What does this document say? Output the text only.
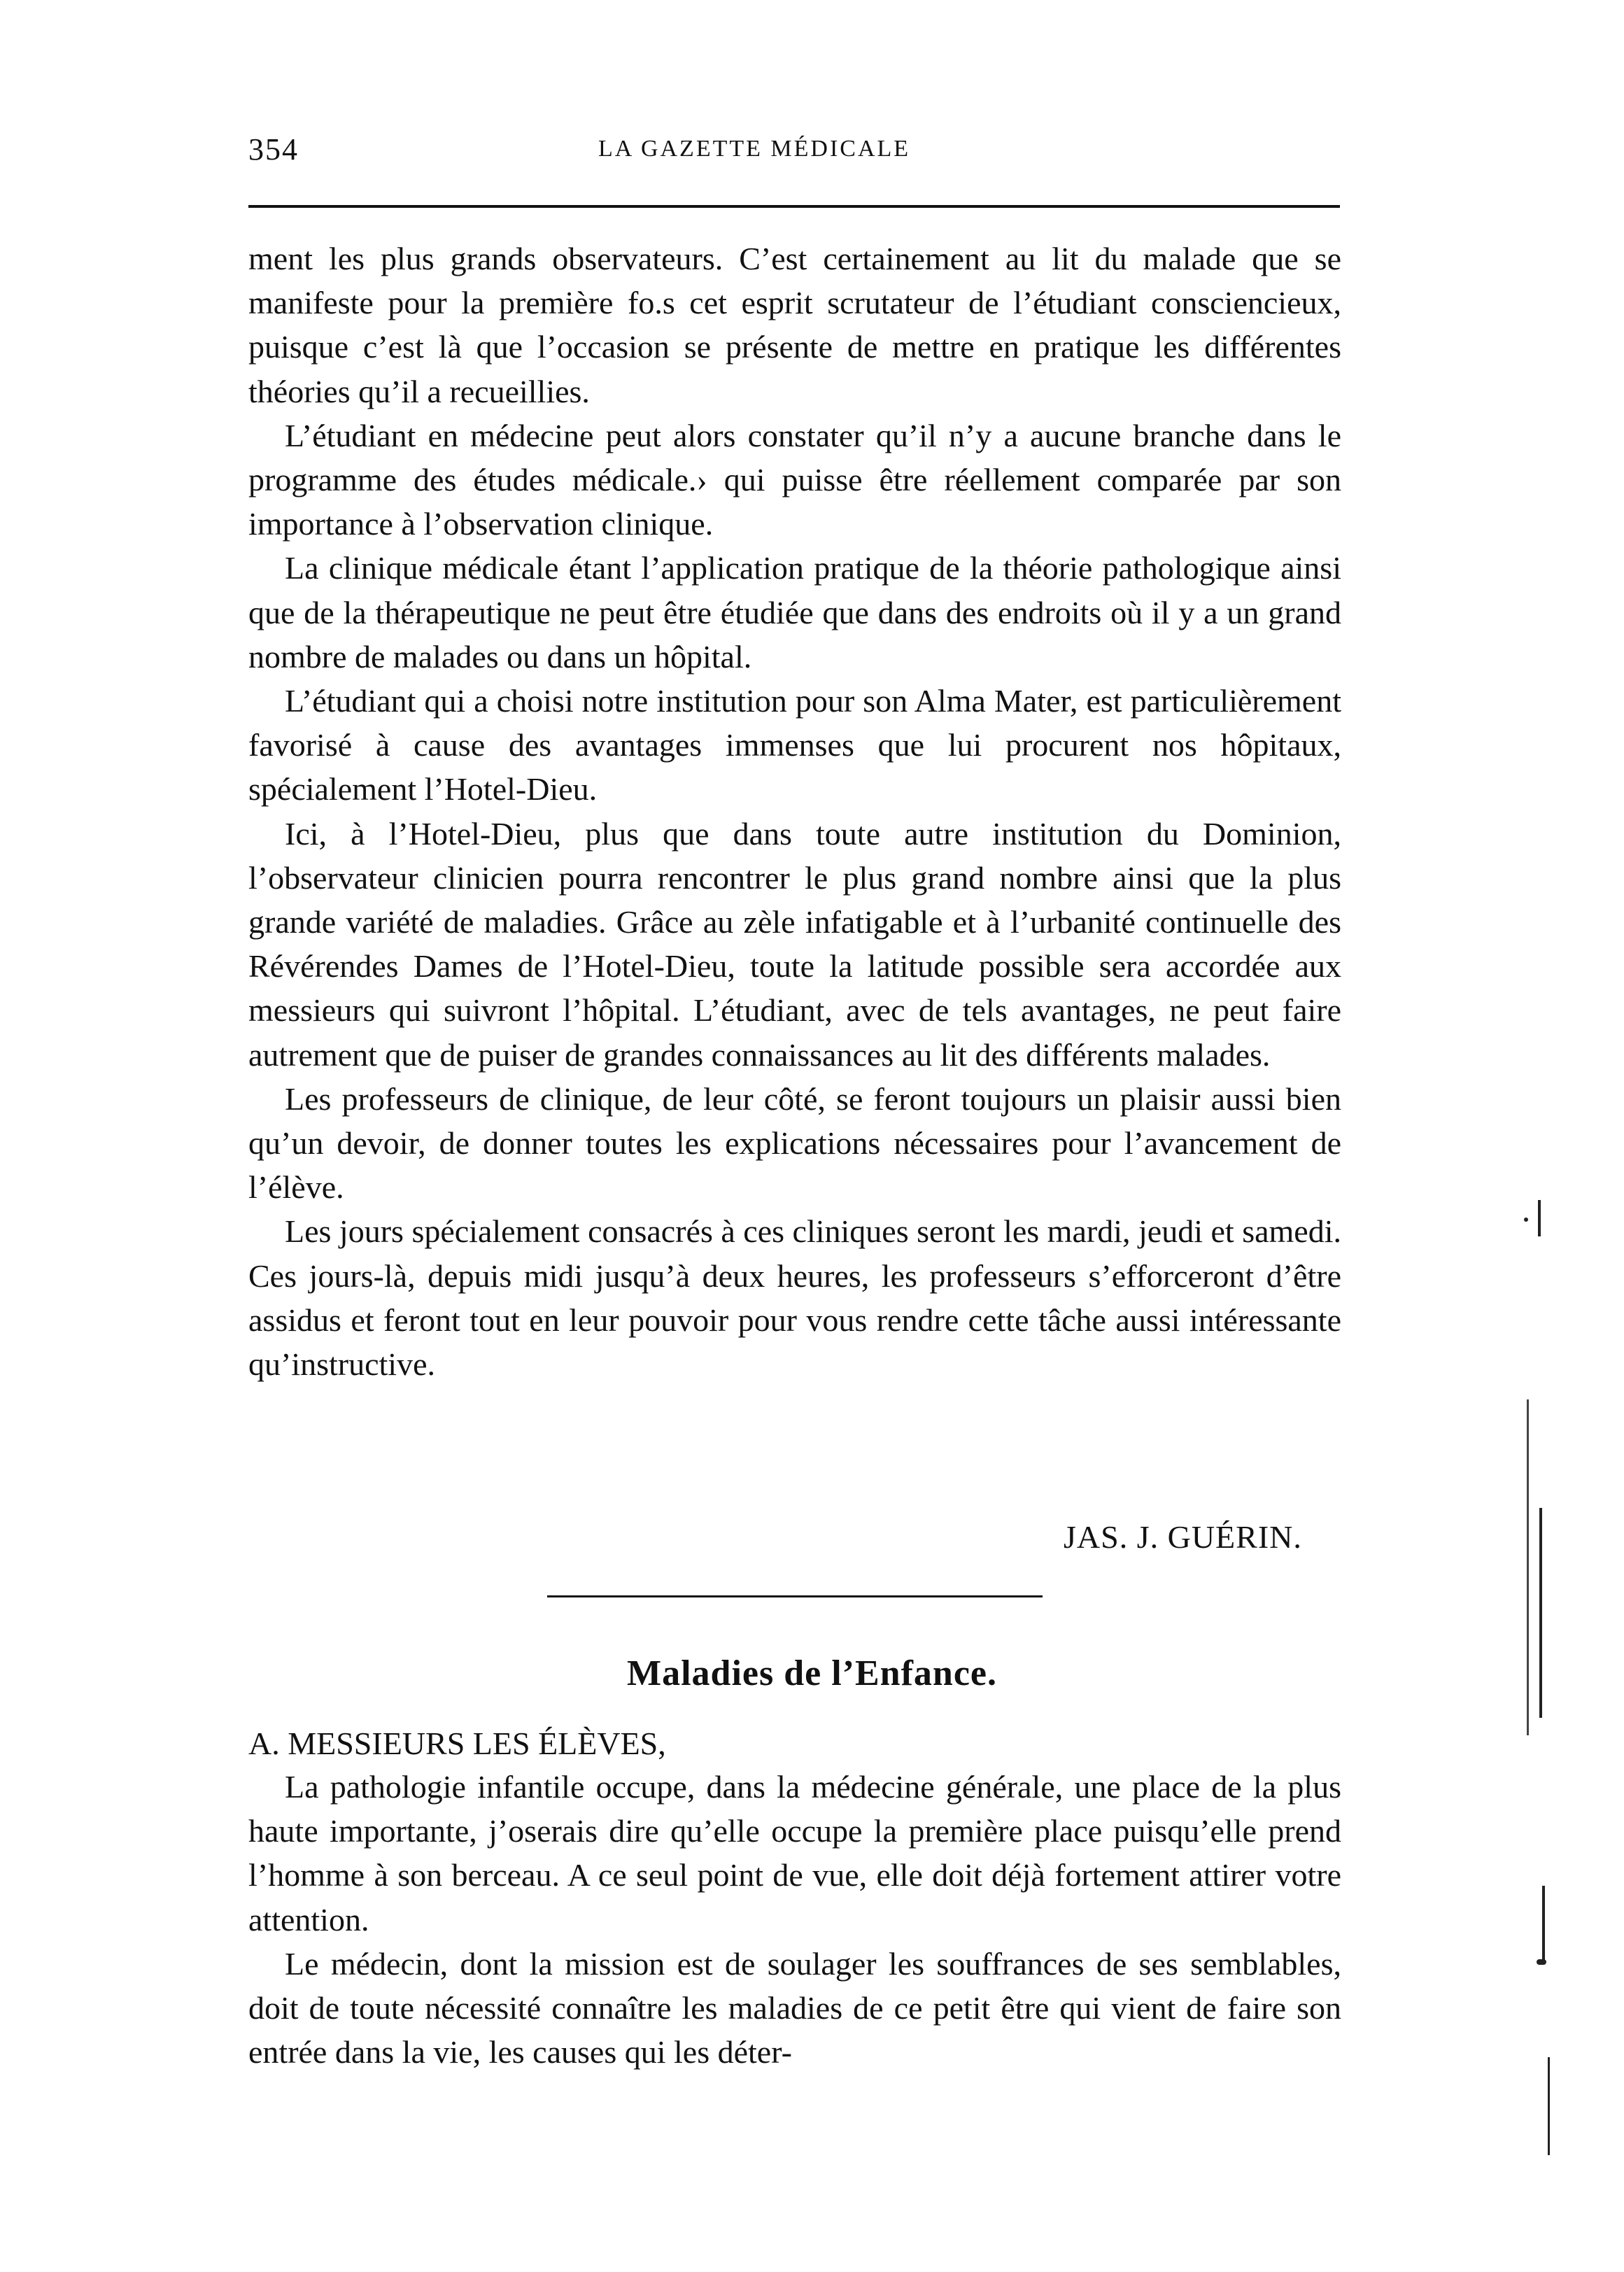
354	LA GAZETTE MÉDICALE

ment les plus grands observateurs. C’est certainement au lit du malade que se manifeste pour la première fo.s cet esprit scrutateur de l’étudiant consciencieux, puisque c’est là que l’occasion se présente de mettre en pratique les différentes théories qu’il a recueillies.

L’étudiant en médecine peut alors constater qu’il n’y a aucune branche dans le programme des études médicale.› qui puisse être réellement comparée par son importance à l’observation clinique.

La clinique médicale étant l’application pratique de la théorie pathologique ainsi que de la thérapeutique ne peut être étudiée que dans des endroits où il y a un grand nombre de malades ou dans un hôpital.

L’étudiant qui a choisi notre institution pour son Alma Mater, est particulièrement favorisé à cause des avantages immenses que lui procurent nos hôpitaux, spécialement l’Hotel-Dieu.

Ici, à l’Hotel-Dieu, plus que dans toute autre institution du Dominion, l’observateur clinicien pourra rencontrer le plus grand nombre ainsi que la plus grande variété de maladies. Grâce au zèle infatigable et à l’urbanité continuelle des Révérendes Dames de l’Hotel-Dieu, toute la latitude possible sera accordée aux messieurs qui suivront l’hôpital. L’étudiant, avec de tels avantages, ne peut faire autrement que de puiser de grandes connaissances au lit des différents malades.

Les professeurs de clinique, de leur côté, se feront toujours un plaisir aussi bien qu’un devoir, de donner toutes les explications nécessaires pour l’avancement de l’élève.

Les jours spécialement consacrés à ces cliniques seront les mardi, jeudi et samedi. Ces jours-là, depuis midi jusqu’à deux heures, les professeurs s’efforceront d’être assidus et feront tout en leur pouvoir pour vous rendre cette tâche aussi intéressante qu’instructive.

JAS. J. GUÉRIN.
Maladies de l’Enfance.
A. MESSIEURS LES ÉLÈVES,

La pathologie infantile occupe, dans la médecine générale, une place de la plus haute importante, j’oserais dire qu’elle occupe la première place puisqu’elle prend l’homme à son berceau. A ce seul point de vue, elle doit déjà fortement attirer votre attention.

Le médecin, dont la mission est de soulager les souffrances de ses semblables, doit de toute nécessité connaître les maladies de ce petit être qui vient de faire son entrée dans la vie, les causes qui les déter-
